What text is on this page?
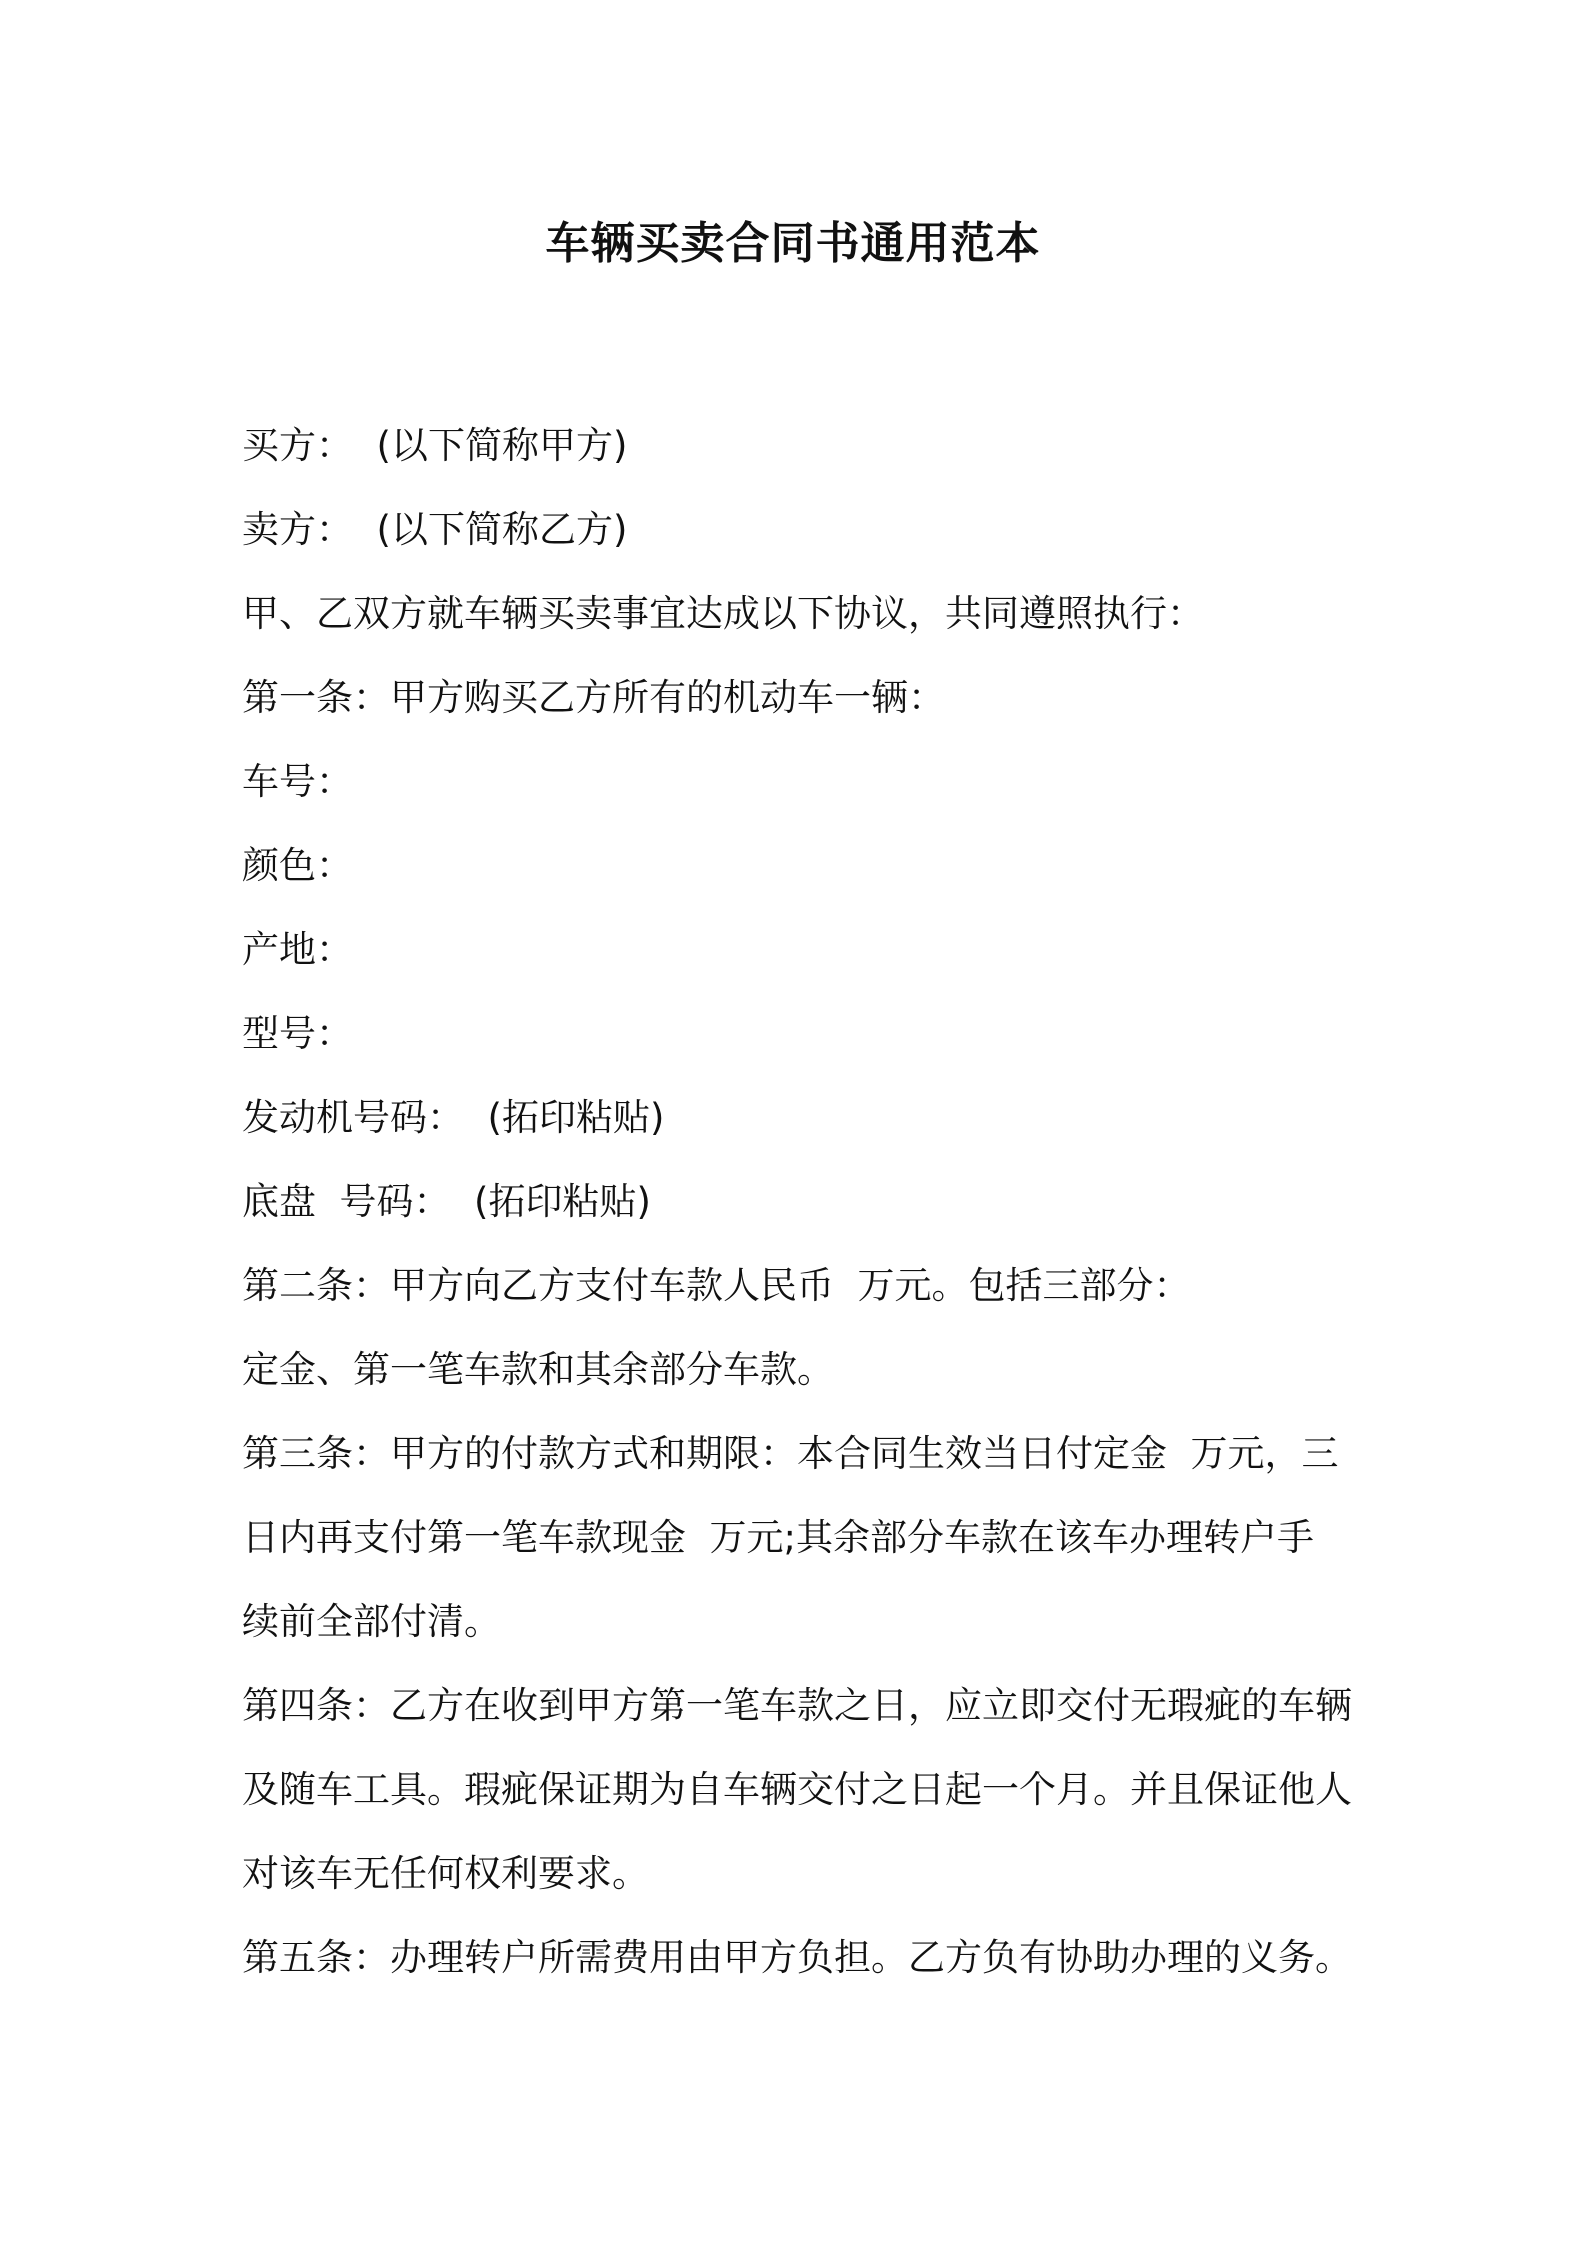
车辆买卖合同书通用范本
买方：  (以下简称甲方)
卖方：  (以下简称乙方)
甲、乙双方就车辆买卖事宜达成以下协议，共同遵照执行：
第一条：甲方购买乙方所有的机动车一辆：
车号：
颜色：
产地：
型号：
发动机号码：  (拓印粘贴)
底盘  号码：  (拓印粘贴)
第二条：甲方向乙方支付车款人民币  万元。包括三部分：
定金、第一笔车款和其余部分车款。
第三条：甲方的付款方式和期限：本合同生效当日付定金  万元，三
日内再支付第一笔车款现金  万元;其余部分车款在该车办理转户手
续前全部付清。
第四条：乙方在收到甲方第一笔车款之日，应立即交付无瑕疵的车辆
及随车工具。瑕疵保证期为自车辆交付之日起一个月。并且保证他人
对该车无任何权利要求。
第五条：办理转户所需费用由甲方负担。乙方负有协助办理的义务。
